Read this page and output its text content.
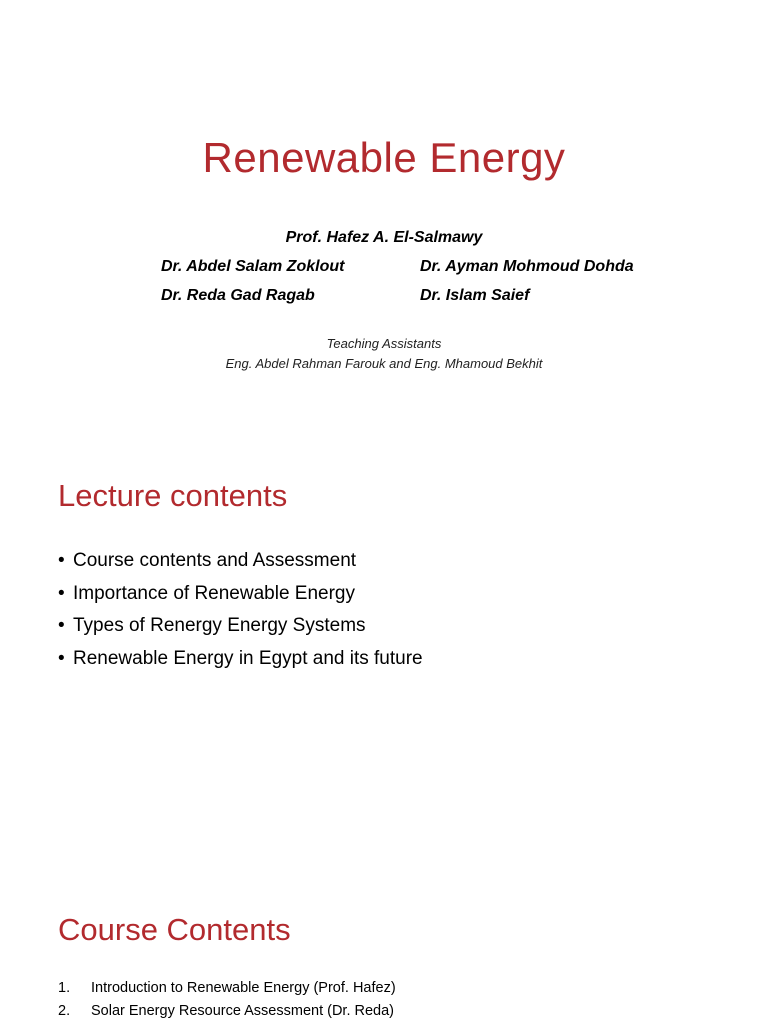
Renewable Energy
Prof. Hafez A. El-Salmawy
Dr. Abdel Salam Zoklout	Dr. Ayman Mohmoud Dohda
Dr. Reda Gad Ragab	Dr. Islam Saief
Teaching Assistants
Eng. Abdel Rahman Farouk and Eng. Mhamoud Bekhit
Lecture contents
• Course contents and Assessment
• Importance of Renewable Energy
• Types of Renergy Energy Systems
• Renewable Energy in Egypt and its future
Course Contents
1. Introduction to Renewable Energy (Prof. Hafez)
2. Solar Energy Resource Assessment (Dr. Reda)
